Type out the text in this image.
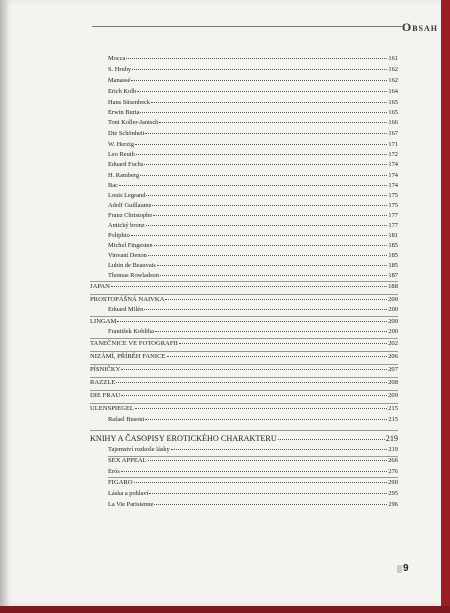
Obsah
Mocca	161
S. Hruby	162
Manassé	162
Erich Kolb	164
Hans Süsenbeck	165
Erwin Burta	165
Toni Koller-Jantsch	166
Die Schönheit	167
W. Herzig	171
Leo Reuth	172
Eduard Fuchs	174
H. Ramberg	174
Bac	174
Louis Legrand	175
Adolf Guillaume	175
Franz Christophe	177
Antický bronz	177
Poliphio	181
Michel Fingesten	185
Vinvant Denon	185
Lubin de Beauvais	185
Thomas Rowladson	187
JAPAN	188
PROSTOPÁŠNÁ NAIVKA	200
Eduard Milén	200
LINGAM	200
František Kobliha	200
TANEČNICE VE FOTOGRAFII	202
NIZÁMÍ, PŘÍBĚH FANICE	206
PÍSNIČKY	207
RAZZLE	208
DIE FRAU	209
ULENSPIEGEL	215
Rafael Busoni	215
KNIHY A ČASOPISY EROTICKÉHO CHARAKTERU	219
Tajemství rozkoše lásky	219
SEX APPEAL	266
Erós	276
FIGARO	290
Láska a pohlaví	295
La Vie Parisienne	296
9
